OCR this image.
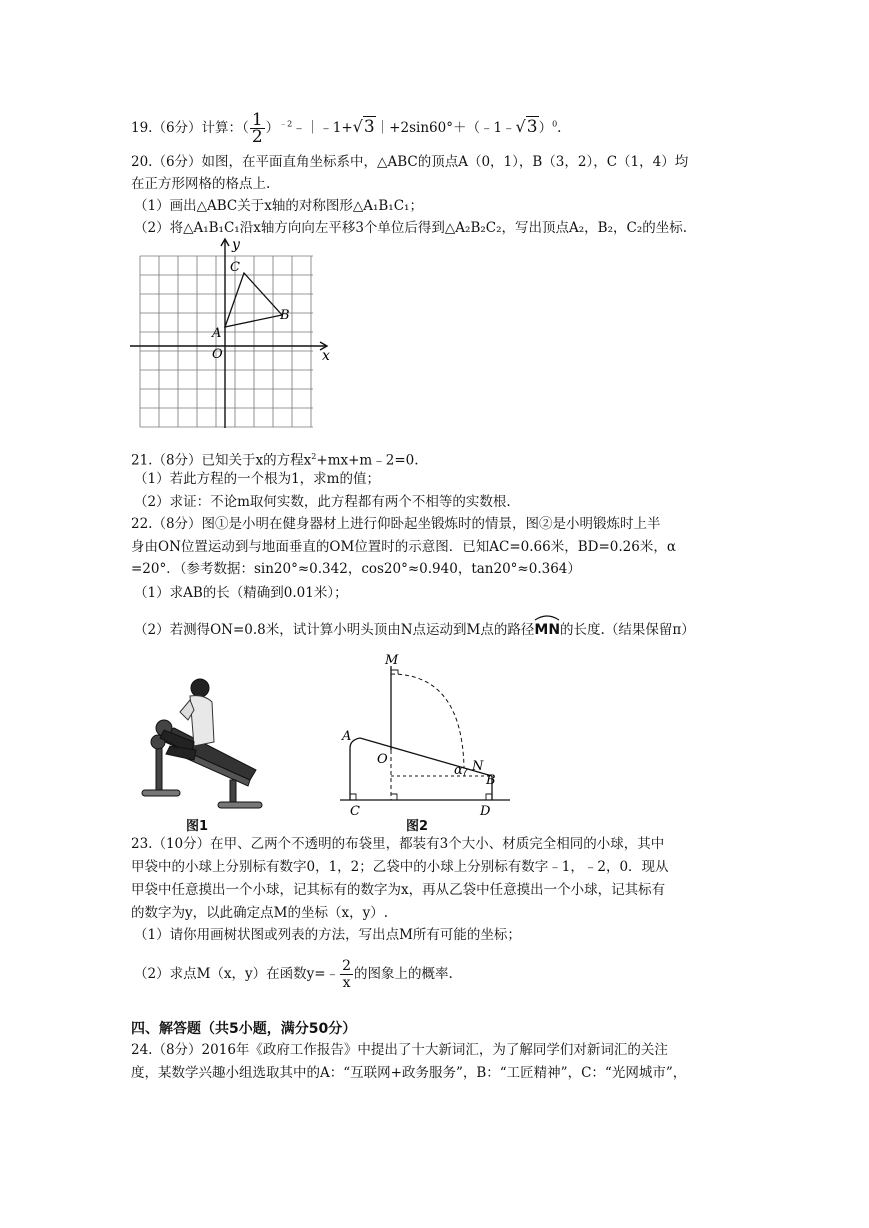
19.（6分）计算：（ $\frac{1}{2}$ ）$^{﹣2}$﹣｜﹣1+√3｜+2sin60°＋（﹣1﹣√3）$^0$.
20.（6分）如图，在平面直角坐标系中，△ABC的顶点A（0，1），B（3，2），C（1，4）均
在正方形网格的格点上.
（1）画出△ABC关于x轴的对称图形△A₁B₁C₁；
（2）将△A₁B₁C₁沿x轴方向向左平移3个单位后得到△A₂B₂C₂，写出顶点A₂，B₂，C₂的坐标.
y
x
O
A
B
C
21.（8分）已知关于x的方程$x^2+mx+m﹣2=0$.
（1）若此方程的一个根为1，求m的值；
（2）求证：不论m取何实数，此方程都有两个不相等的实数根.
22.（8分）图①是小明在健身器材上进行仰卧起坐锻炼时的情景，图②是小明锻炼时上半
身由ON位置运动到与地面垂直的OM位置时的示意图．已知AC=0.66米，BD=0.26米，α
=20°．（参考数据：sin20°≈0.342，cos20°≈0.940，tan20°≈0.364）
（1）求AB的长（精确到0.01米）；
（2）若测得ON=0.8米，试计算小明头顶由N点运动到M点的路径
MN的长度.（结果保留π）
图1
M
A
O	N
B
C	D
α
图2
23.（10分）在甲、乙两个不透明的布袋里，都装有3个大小、材质完全相同的小球，其中
甲袋中的小球上分别标有数字0，1，2；乙袋中的小球上分别标有数字﹣1，﹣2，0．现从
甲袋中任意摸出一个小球，记其标有的数字为x，再从乙袋中任意摸出一个小球，记其标有
的数字为y，以此确定点M的坐标（x，y）.
（1）请你用画树状图或列表的方法，写出点M所有可能的坐标；
（2）求点M（x，y）在函数y=﹣ $\frac{2}{x}$ 的图象上的概率.
四、解答题（共5小题，满分50分）
24.（8分）2016年《政府工作报告》中提出了十大新词汇，为了解同学们对新词汇的关注
度，某数学兴趣小组选取其中的A：“互联网+政务服务”，B：“工匠精神”，C：“光网城市”，
